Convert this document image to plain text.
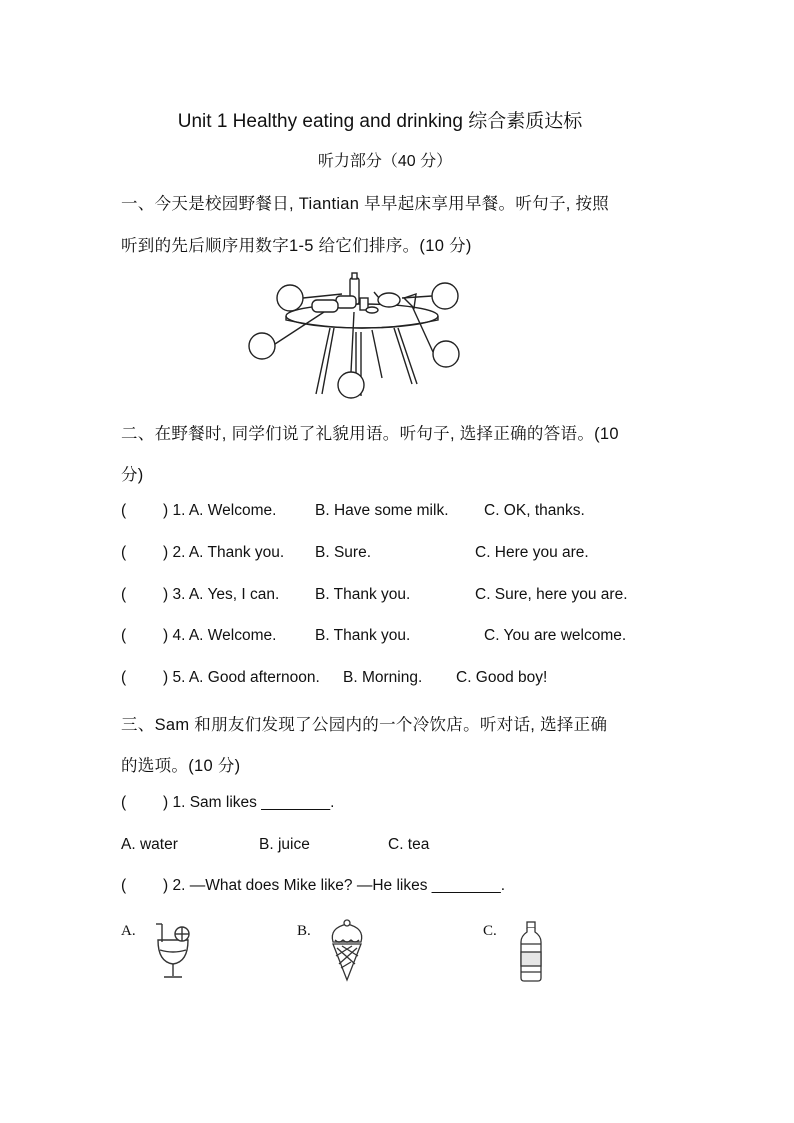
Unit 1 Healthy eating and drinking 综合素质达标
听力部分（40 分）
一、今天是校园野餐日, Tiantian 早早起床享用早餐。听句子, 按照
听到的先后顺序用数字1-5 给它们排序。(10 分)
二、在野餐时, 同学们说了礼貌用语。听句子, 选择正确的答语。(10
分)
( ) 1. A. Welcome. B. Have some milk. C. OK, thanks.
( ) 2. A. Thank you. B. Sure.	C. Here you are.
( ) 3. A. Yes, I can. B. Thank you.	C. Sure, here you are.
( ) 4. A. Welcome. B. Thank you.	C. You are welcome.
( ) 5. A. Good afternoon. B. Morning. C. Good boy!
三、Sam 和朋友们发现了公园内的一个冷饮店。听对话, 选择正确
的选项。(10 分)
( ) 1. Sam likes ________.
A. water	B. juice	C. tea
( ) 2. —What does Mike like? —He likes ________.
A.	B.	C.
